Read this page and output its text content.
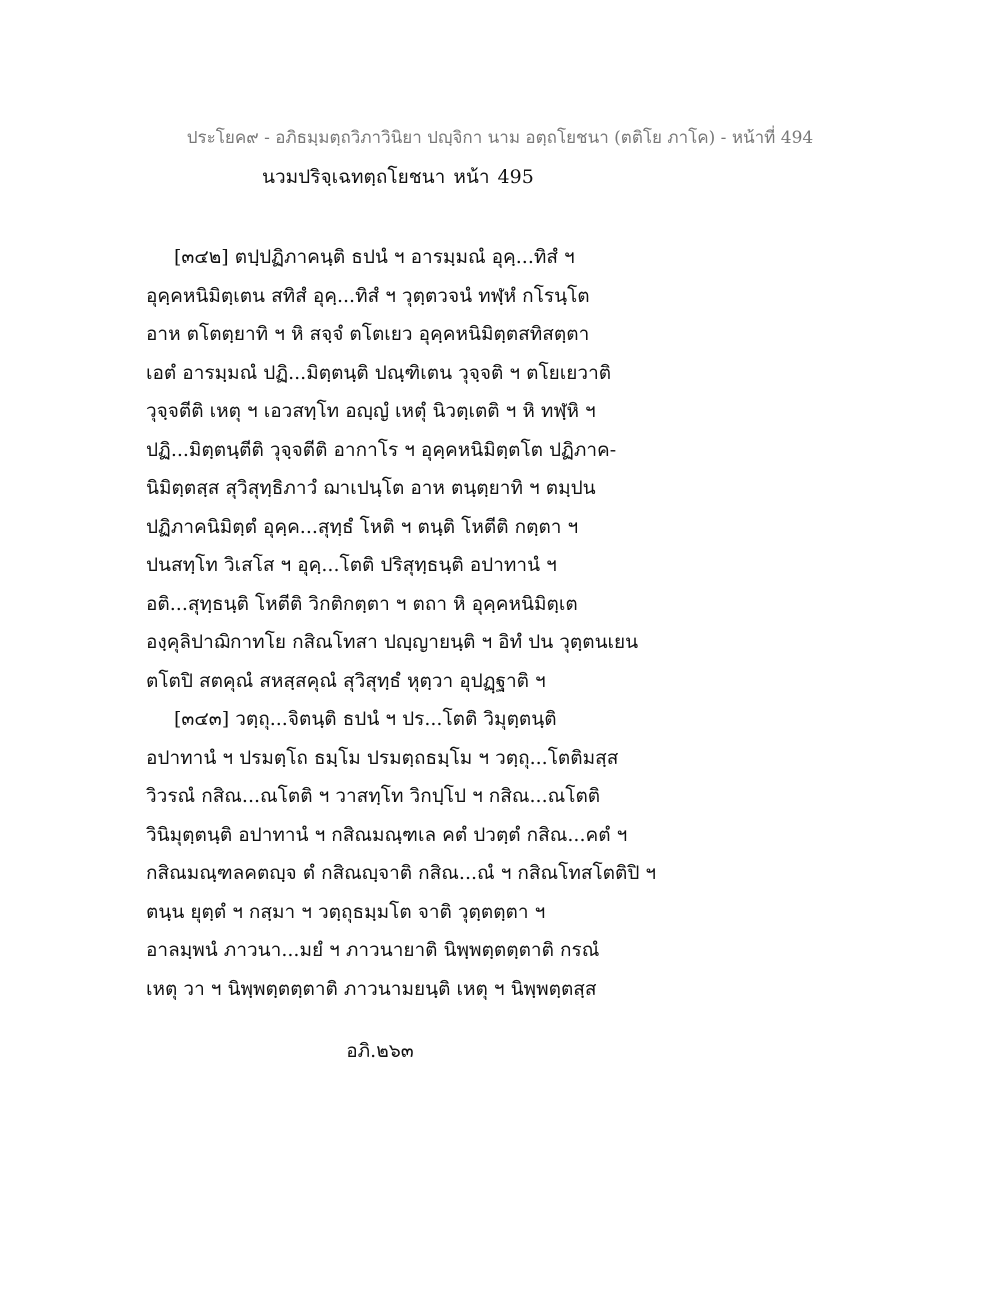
ประโยค๙ - อภิธมฺมตฺถวิภาวินิยา ปญฺจิกา นาม อตฺถโยชนา (ตติโย ภาโค) - หน้าที่ 494
นวมปริจฺเฉทตฺถโยชนา หน้า 495
[๓๔๒] ตปฺปฏิภาคนฺติ ธปนํ ฯ อารมฺมณํ อุคฺ...ทิสํ ฯ
อุคฺคหนิมิตฺเตน สทิสํ อุคฺ...ทิสํ ฯ วุตฺตวจนํ ทฬฺหํ กโรนฺโต
อาห ตโตตฺยาทิ ฯ หิ สจฺจํ ตโตเยว อุคฺคหนิมิตฺตสทิสตฺตา
เอตํ อารมฺมณํ ปฏิ...มิตฺตนฺติ ปณฺฑิเตน วุจฺจติ ฯ ตโยเยวาติ
วุจฺจตีติ เหตุ ฯ เอวสทฺโท อญฺญํ เหตุํ นิวตฺเตติ ฯ หิ ทฬฺหิ ฯ
ปฏิ...มิตฺตนฺตีติ วุจฺจตีติ อากาโร ฯ อุคฺคหนิมิตฺตโต ปฏิภาค-
นิมิตฺตสฺส สุวิสุทฺธิภาวํ ฌาเปนฺโต อาห ตนฺตฺยาทิ ฯ ตมฺปน
ปฏิภาคนิมิตฺตํ อุคฺค...สุทฺธํ โหติ ฯ ตนฺติ โหตีติ กตฺตา ฯ
ปนสทฺโท วิเสโส ฯ อุคฺ...โตติ ปริสุทฺธนฺติ อปาทานํ ฯ
อติ...สุทฺธนฺติ โหตีติ วิกติกตฺตา ฯ ตถา หิ อุคฺคหนิมิตฺเต
องฺคุลิปาฌิกาทโย กสิณโทสา ปญฺญายนฺติ ฯ อิทํ ปน วุตฺตนเยน
ตโตปิ สตคุณํ สหสฺสคุณํ สุวิสุทฺธํ หุตฺวา อุปฏฺฐาติ ฯ
[๓๔๓] วตฺถุ...จิตนฺติ ธปนํ ฯ ปร...โตติ วิมุตฺตนฺติ
อปาทานํ ฯ ปรมตฺโถ ธมฺโม ปรมตฺถธมฺโม ฯ วตฺถุ...โตติมสฺส
วิวรณํ กสิณ...ณโตติ ฯ วาสทฺโท วิกปฺโป ฯ กสิณ...ณโตติ
วินิมุตฺตนฺติ อปาทานํ ฯ กสิณมณฺฑเล คตํ ปวตฺตํ กสิณ...คตํ ฯ
กสิณมณฺฑลคตญฺจ ตํ กสิณญฺจาติ กสิณ...ณํ ฯ กสิณโทสโตติปิ ฯ
ตนฺน ยุตฺตํ ฯ กสฺมา ฯ วตฺถุธมฺมโต จาติ วุตฺตตฺตา ฯ
อาลมฺพนํ ภาวนา...มยํ ฯ ภาวนายาติ นิพฺพตฺตตฺตาติ กรณํ
เหตุ วา ฯ นิพฺพตฺตตฺตาติ ภาวนามยนฺติ เหตุ ฯ นิพฺพตฺตสฺส
อภิ.๒๖๓
